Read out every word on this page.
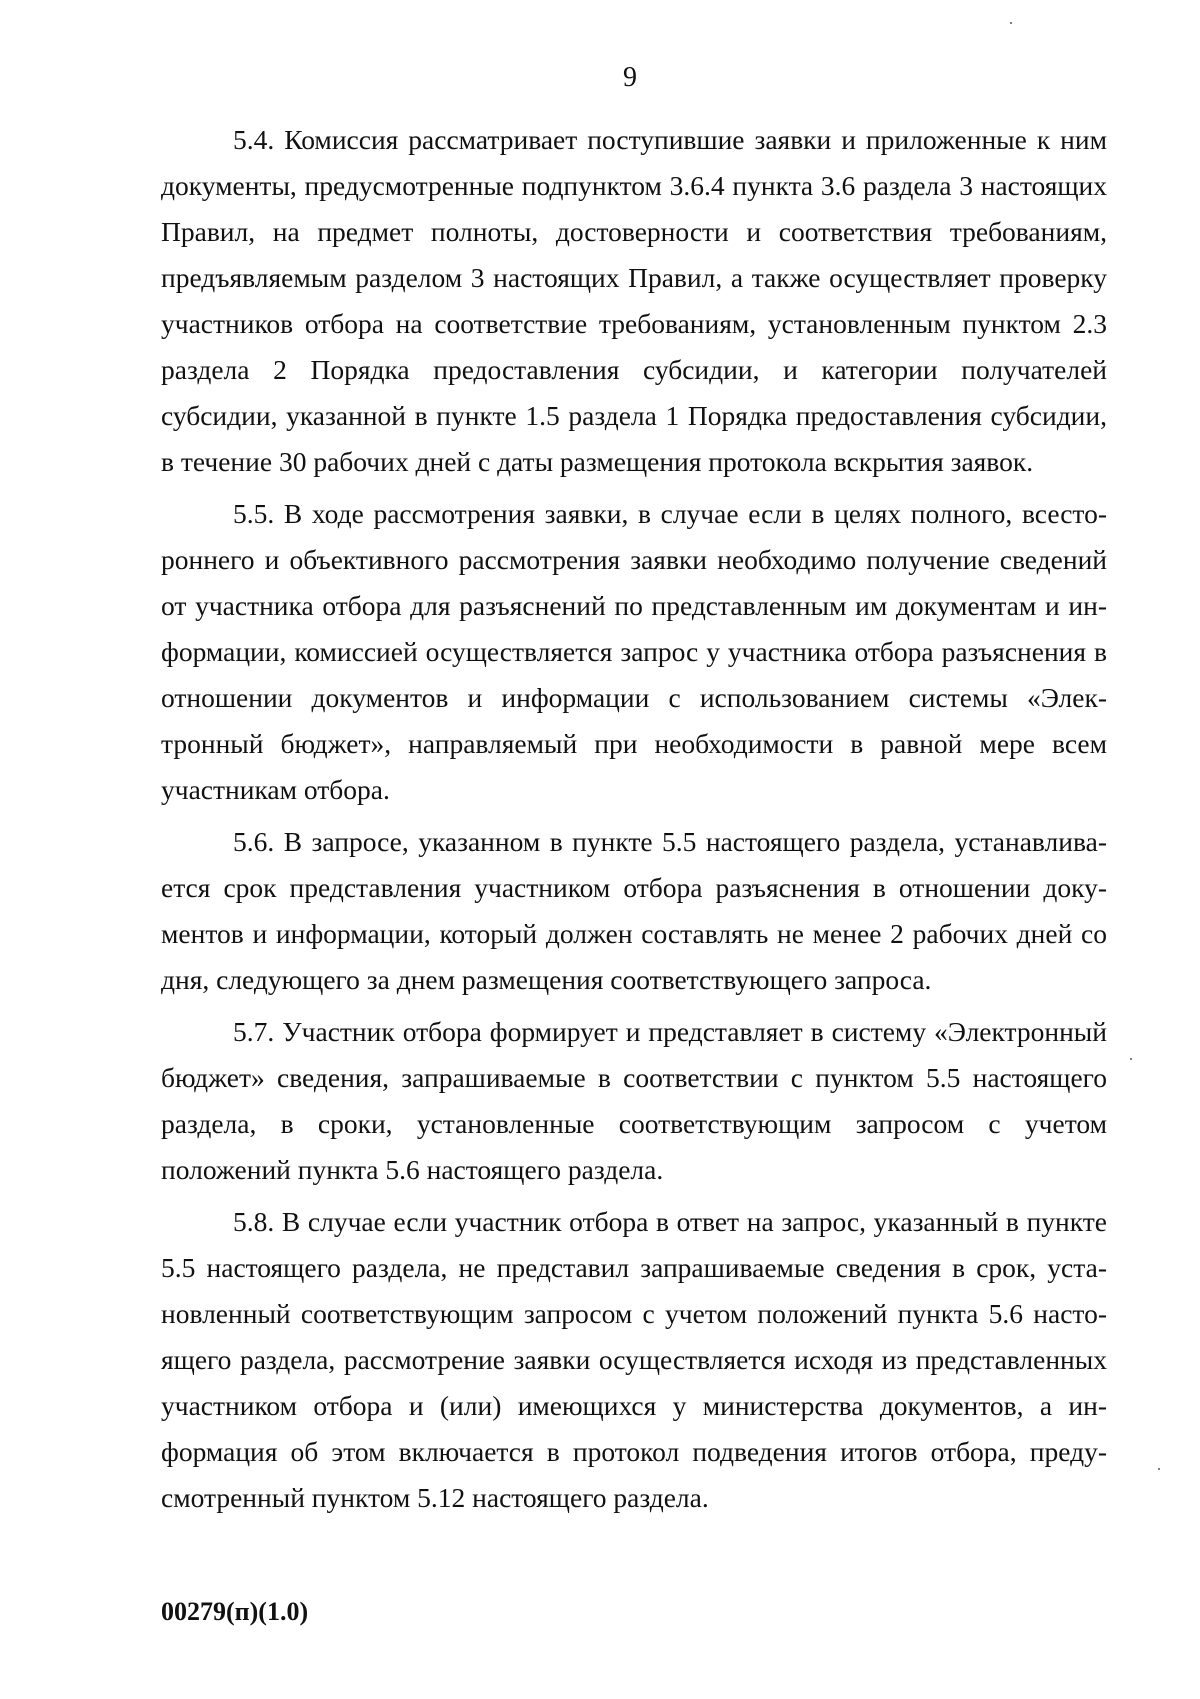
9

5.4. Комиссия рассматривает поступившие заявки и приложенные к ним документы, предусмотренные подпунктом 3.6.4 пункта 3.6 раздела 3 настоящих Правил, на предмет полноты, достоверности и соответствия требованиям, предъявляемым разделом 3 настоящих Правил, а также осуществляет проверку участников отбора на соответствие требованиям, установленным пунктом 2.3 раздела 2 Порядка предоставления субсидии, и категории получателей субсидии, указанной в пункте 1.5 раздела 1 Порядка предоставления субсидии, в течение 30 рабочих дней с даты размещения протокола вскрытия заявок.

5.5. В ходе рассмотрения заявки, в случае если в целях полного, всестороннего и объективного рассмотрения заявки необходимо получение сведений от участника отбора для разъяснений по представленным им документам и информации, комиссией осуществляется запрос у участника отбора разъяснения в отношении документов и информации с использованием системы «Электронный бюджет», направляемый при необходимости в равной мере всем участникам отбора.

5.6. В запросе, указанном в пункте 5.5 настоящего раздела, устанавливается срок представления участником отбора разъяснения в отношении документов и информации, который должен составлять не менее 2 рабочих дней со дня, следующего за днем размещения соответствующего запроса.

5.7. Участник отбора формирует и представляет в систему «Электронный бюджет» сведения, запрашиваемые в соответствии с пунктом 5.5 настоящего раздела, в сроки, установленные соответствующим запросом с учетом положений пункта 5.6 настоящего раздела.

5.8. В случае если участник отбора в ответ на запрос, указанный в пункте 5.5 настоящего раздела, не представил запрашиваемые сведения в срок, установленный соответствующим запросом с учетом положений пункта 5.6 настоящего раздела, рассмотрение заявки осуществляется исходя из представленных участником отбора и (или) имеющихся у министерства документов, а информация об этом включается в протокол подведения итогов отбора, предусмотренный пунктом 5.12 настоящего раздела.

00279(п)(1.0)
